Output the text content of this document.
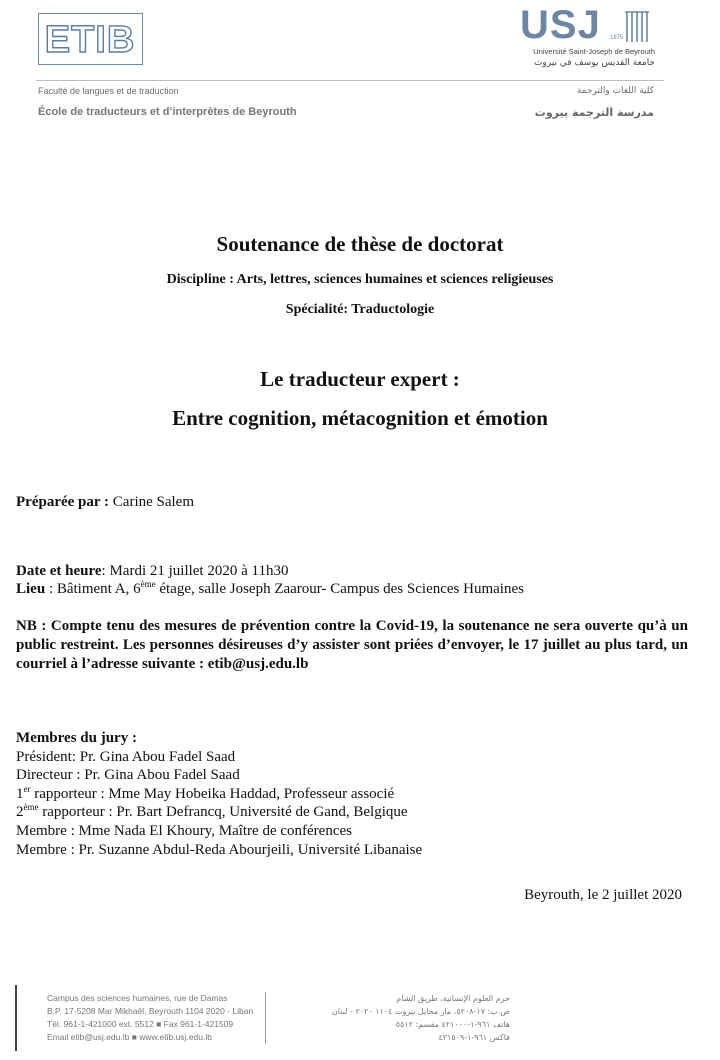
ETIB	USJ 1875
Université Saint-Joseph de Beyrouth
جامعة القديس يوسف في بيروت
Faculté de langues et de traduction
École de traducteurs et d’interprètes de Beyrouth
كلية اللغات والترجمة
مدرسة الترجمة بيروت
Soutenance de thèse de doctorat
Discipline : Arts, lettres, sciences humaines et sciences religieuses
Spécialité: Traductologie
Le traducteur expert :
Entre cognition, métacognition et émotion
Préparée par : Carine Salem
Date et heure: Mardi 21 juillet 2020 à 11h30
Lieu : Bâtiment A, 6ème étage, salle Joseph Zaarour- Campus des Sciences Humaines
NB : Compte tenu des mesures de prévention contre la Covid-19, la soutenance ne sera ouverte qu’à un public restreint. Les personnes désireuses d’y assister sont priées d’envoyer, le 17 juillet au plus tard, un courriel à l’adresse suivante : etib@usj.edu.lb
Membres du jury :
Président: Pr. Gina Abou Fadel Saad
Directeur : Pr. Gina Abou Fadel Saad
1er rapporteur : Mme May Hobeika Haddad, Professeur associé
2ème rapporteur : Pr. Bart Defrancq, Université de Gand, Belgique
Membre : Mme Nada El Khoury, Maître de conférences
Membre : Pr. Suzanne Abdul-Reda Abourjeili, Université Libanaise
Beyrouth, le 2 juillet 2020
Campus des sciences humaines, rue de Damas
B.P. 17-5208 Mar Mikhaël, Beyrouth 1104 2020 - Liban
Tél. 961-1-421000 ext. 5512 ■ Fax 961-1-421509
Email etib@usj.edu.lb ■ www.etib.usj.edu.lb
حرم العلوم الإنسانية، طريق الشام
ص.ب: ١٧-٥٢٠٨، مار مخايل بيروت ١١٠٤ ٢٠٢٠ - لبنان
هاتف ٩٦١-١-٤٢١٠٠٠ مقسم: ٥٥١٢
فاكس ٩٦١-١-٤٢١٥٠٩
